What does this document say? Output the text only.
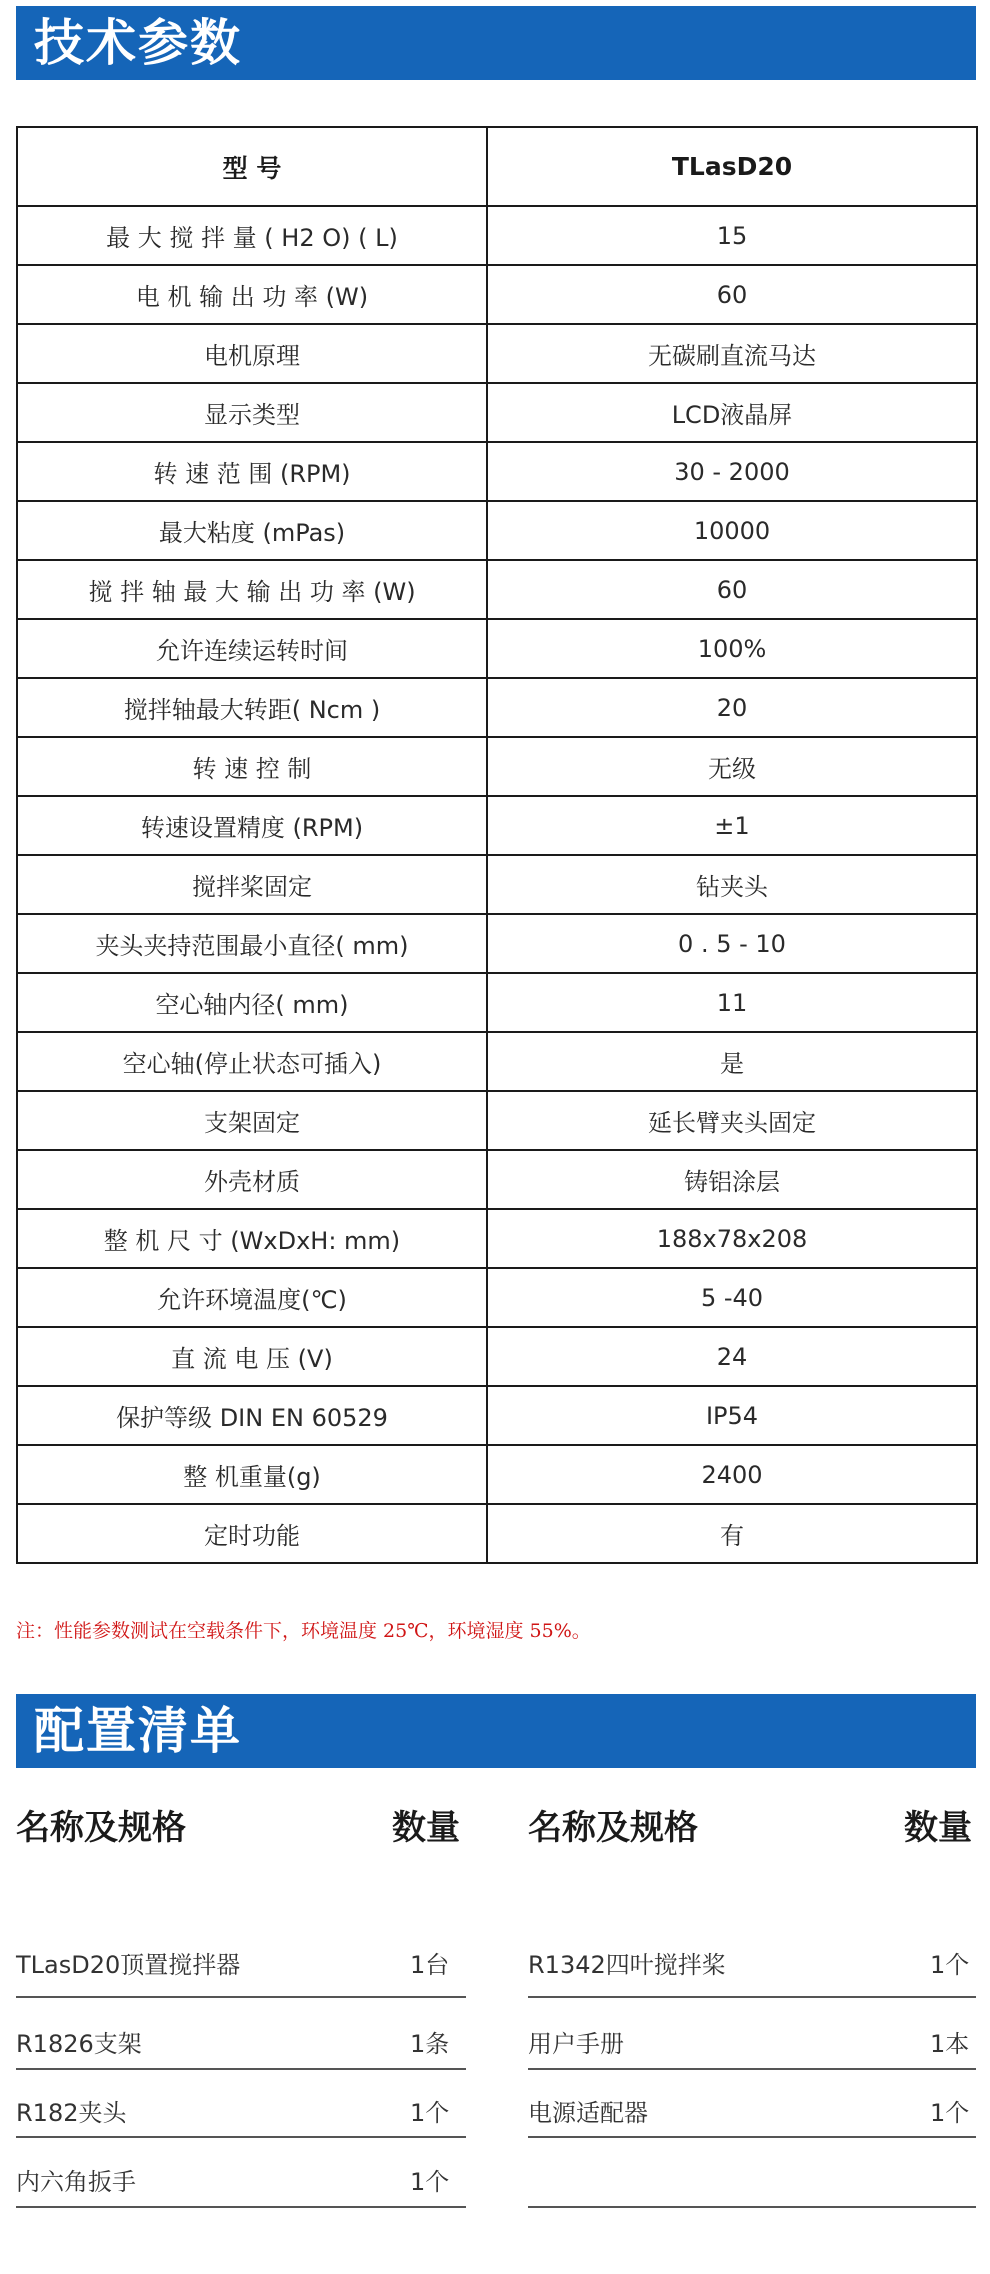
技术参数
型 号	TLasD20
最 大 搅 拌 量 ( H2 O) ( L)	15
电 机 输 出 功 率 (W)	60
电机原理	无碳刷直流马达
显示类型	LCD液晶屏
转 速 范 围 (RPM)	30 - 2000
最大粘度 (mPas)	10000
搅 拌 轴 最 大 输 出 功 率 (W)	60
允许连续运转时间	100%
搅拌轴最大转距( Ncm )	20
转 速 控 制	无级
转速设置精度 (RPM)	±1
搅拌桨固定	钻夹头
夹头夹持范围最小直径( mm)	0 . 5 - 10
空心轴内径( mm)	11
空心轴(停止状态可插入)	是
支架固定	延长臂夹头固定
外壳材质	铸铝涂层
整 机 尺 寸 (WxDxH: mm)	188x78x208
允许环境温度(℃)	5 -40
直 流 电 压 (V)	24
保护等级 DIN EN 60529	IP54
整 机重量(g)	2400
定时功能	有
注：性能参数测试在空载条件下，环境温度 25℃，环境湿度 55%。
配置清单
名称及规格	数量 名称及规格	数量
TLasD20顶置搅拌器	1台
R1826支架	1条
R182夹头	1个
内六角扳手	1个
R1342四叶搅拌桨	1个
用户手册	1本
电源适配器	1个
